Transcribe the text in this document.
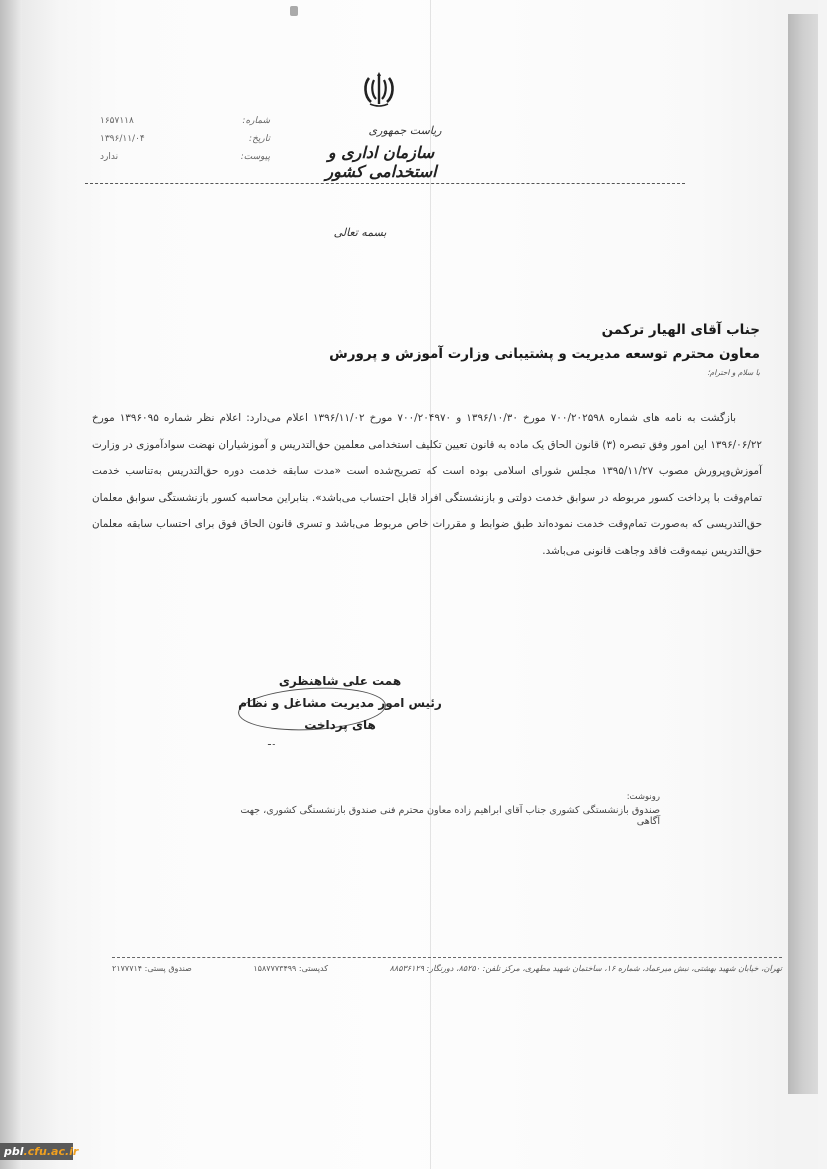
ریاست جمهوری
سازمان اداری و استخدامی کشور
شماره:
۱۶۵۷۱۱۸
تاریخ:
۱۳۹۶/۱۱/۰۴
پیوست:
ندارد
بسمه تعالی
جناب آقای الهیار ترکمن
معاون محترم توسعه مدیریت و پشتیبانی وزارت آموزش و پرورش
با سلام و احترام؛

بازگشت به نامه های شماره ۷۰۰/۲۰۲۵۹۸ مورخ ۱۳۹۶/۱۰/۳۰ و ۷۰۰/۲۰۴۹۷۰ مورخ ۱۳۹۶/۱۱/۰۲ اعلام می‌دارد: اعلام نظر شماره ۱۳۹۶۰۹۵ مورخ ۱۳۹۶/۰۶/۲۲ این امور وفق تبصره (۳) قانون الحاق یک ماده به قانون تعیین تکلیف استخدامی معلمین حق‌التدریس و آموزشیاران نهضت سوادآموزی در وزارت آموزش‌وپرورش مصوب ۱۳۹۵/۱۱/۲۷ مجلس شورای اسلامی بوده است که تصریح‌شده است «مدت سابقه خدمت دوره حق‌التدریس به‌تناسب خدمت تمام‌وقت با پرداخت کسور مربوطه در سوابق خدمت دولتی و بازنشستگی افراد قابل احتساب می‌باشد». بنابراین محاسبه کسور بازنشستگی سوابق معلمان حق‌التدریسی که به‌صورت تمام‌وقت خدمت نموده‌اند طبق ضوابط و مقررات خاص مربوط می‌باشد و تسری قانون الحاق فوق برای احتساب سابقه معلمان حق‌التدریس نیمه‌وقت فاقد وجاهت قانونی می‌باشد.

همت علی شاهنظری
رئیس امور مدیریت مشاغل و نظام
های پرداخت
۔ـ
رونوشت:
صندوق بازنشستگی کشوری جناب آقای ابراهیم زاده معاون محترم فنی صندوق بازنشستگی کشوری، جهت آگاهی
تهران، خیابان شهید بهشتی، نبش میرعماد، شماره ۱۶، ساختمان شهید مطهری، مرکز تلفن: ۸۵۲۵۰، دورنگار: ۸۸۵۳۶۱۲۹
کدپستی: ۱۵۸۷۷۷۳۴۹۹
صندوق پستی: ۲۱۷۷۷۱۴
pbl.cfu.ac.ir
